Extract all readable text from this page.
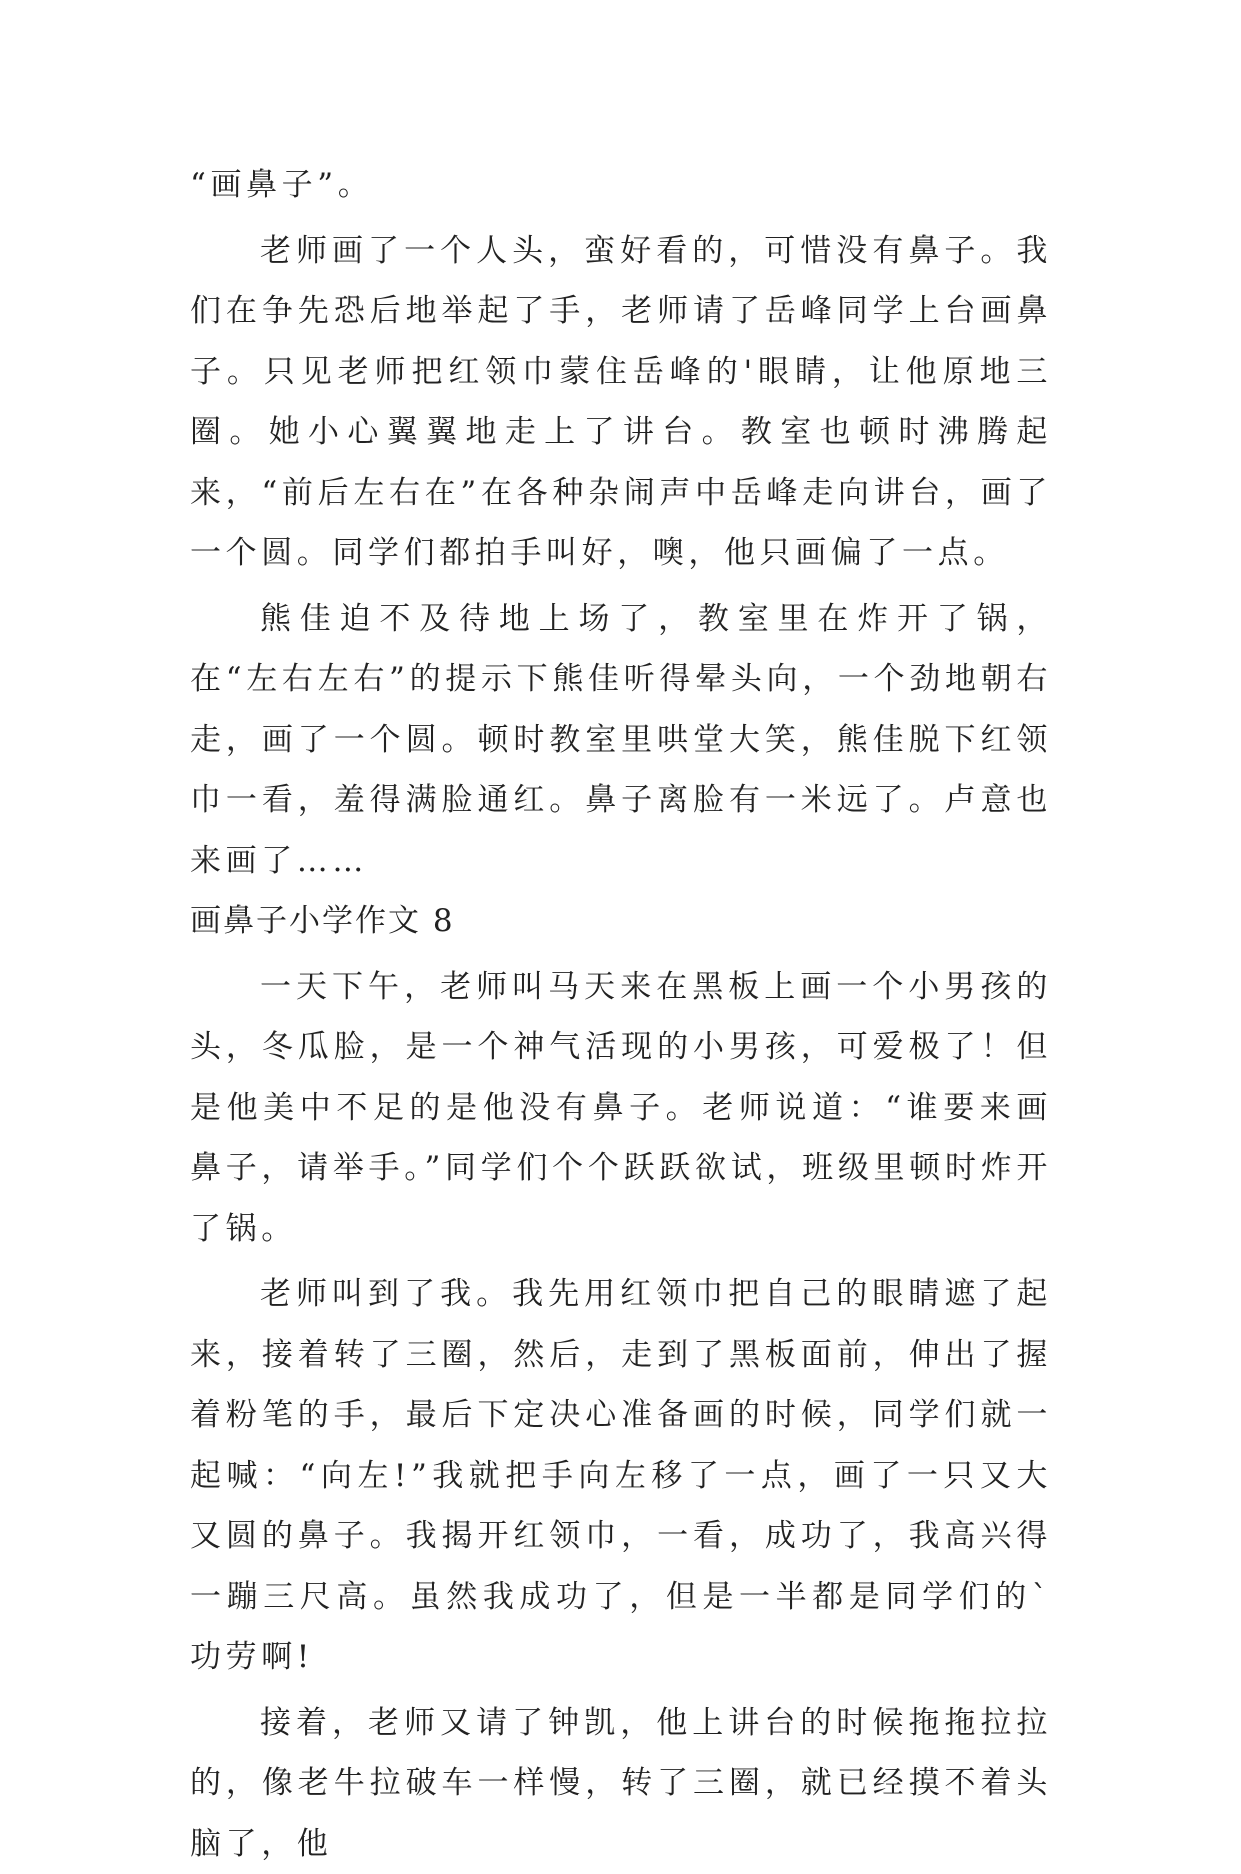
“画鼻子”。

老师画了一个人头，蛮好看的，可惜没有鼻子。我们在争先恐后地举起了手，老师请了岳峰同学上台画鼻子。只见老师把红领巾蒙住岳峰的'眼睛，让他原地三圈。她小心翼翼地走上了讲台。教室也顿时沸腾起来，“前后左右在”在各种杂闹声中岳峰走向讲台，画了一个圆。同学们都拍手叫好，噢，他只画偏了一点。

熊佳迫不及待地上场了，教室里在炸开了锅，在“左右左右”的提示下熊佳听得晕头向，一个劲地朝右走，画了一个圆。顿时教室里哄堂大笑，熊佳脱下红领巾一看，羞得满脸通红。鼻子离脸有一米远了。卢意也来画了……

画鼻子小学作文 8

一天下午，老师叫马天来在黑板上画一个小男孩的头，冬瓜脸，是一个神气活现的小男孩，可爱极了！但是他美中不足的是他没有鼻子。老师说道：“谁要来画鼻子，请举手。”同学们个个跃跃欲试，班级里顿时炸开了锅。

老师叫到了我。我先用红领巾把自己的眼睛遮了起来，接着转了三圈，然后，走到了黑板面前，伸出了握着粉笔的手，最后下定决心准备画的时候，同学们就一起喊：“向左!”我就把手向左移了一点，画了一只又大又圆的鼻子。我揭开红领巾，一看，成功了，我高兴得一蹦三尺高。虽然我成功了，但是一半都是同学们的`功劳啊!

接着，老师又请了钟凯，他上讲台的时候拖拖拉拉的，像老牛拉破车一样慢，转了三圈，就已经摸不着头脑了，他
